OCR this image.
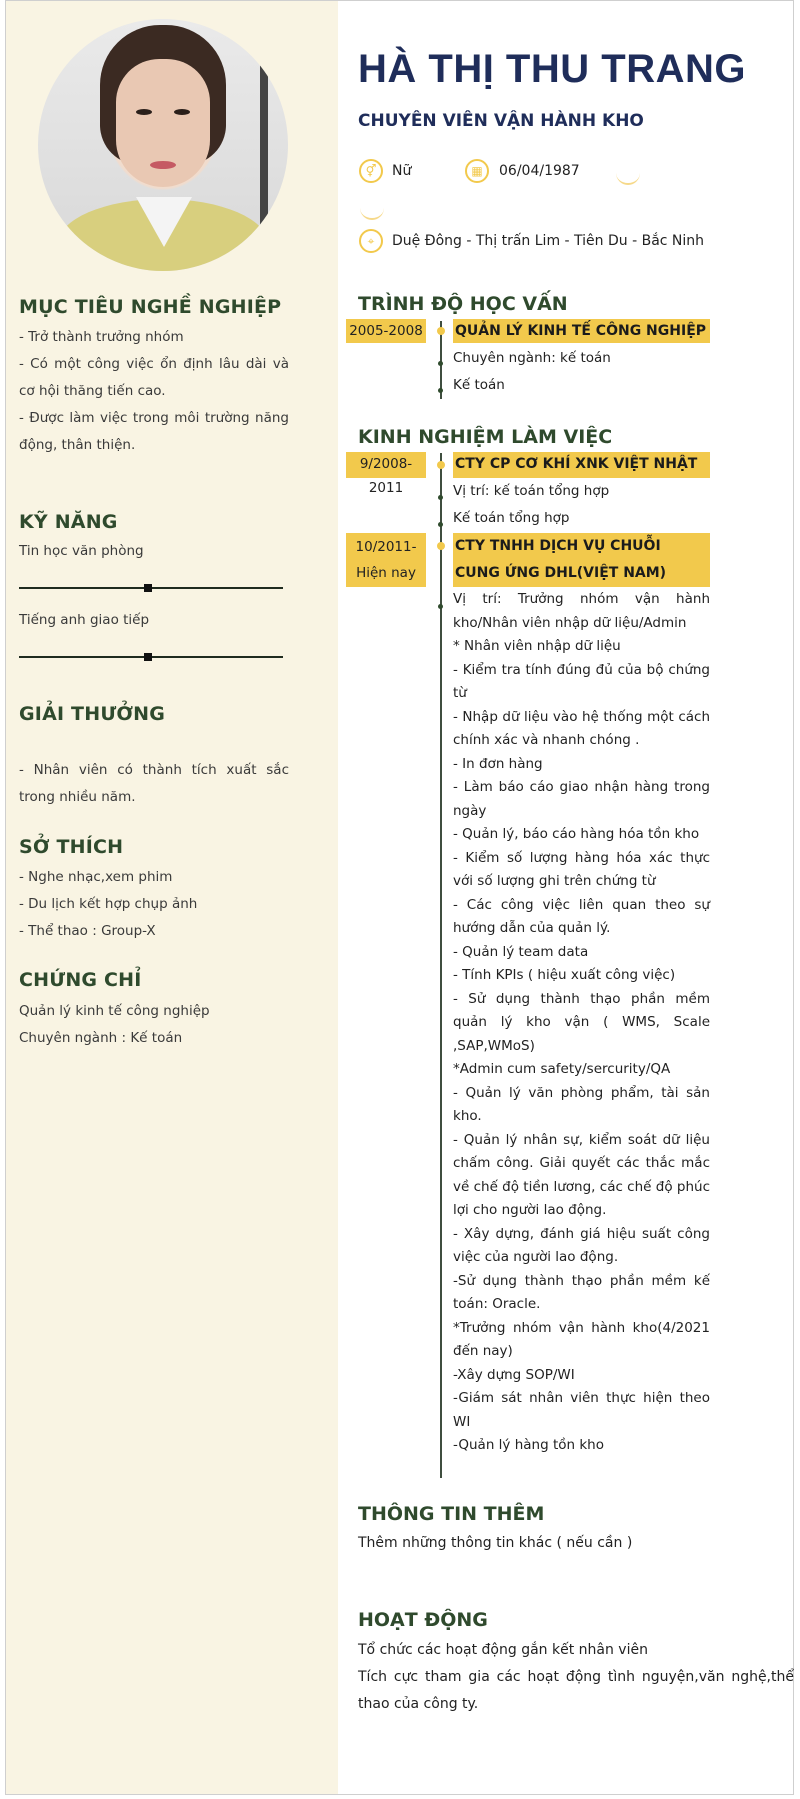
MỤC TIÊU NGHỀ NGHIỆP
- Trở thành trưởng nhóm
- Có một công việc ổn định lâu dài và cơ hội thăng tiến cao.
- Được làm việc trong môi trường năng động, thân thiện.
KỸ NĂNG
Tin học văn phòng
Tiếng anh giao tiếp
GIẢI THƯỞNG
- Nhân viên có thành tích xuất sắc trong nhiều năm.
SỞ THÍCH
- Nghe nhạc,xem phim
- Du lịch kết hợp chụp ảnh
- Thể thao : Group-X
CHỨNG CHỈ
Quản lý kinh tế công nghiệp
Chuyên ngành : Kế toán
HÀ THỊ THU TRANG
CHUYÊN VIÊN VẬN HÀNH KHO
⚥	Nữ	▦	06/04/1987
⌖	Duệ Đông - Thị trấn Lim - Tiên Du - Bắc Ninh
TRÌNH ĐỘ HỌC VẤN
2005-2008 QUẢN LÝ KINH TẾ CÔNG NGHIỆP
Chuyên ngành: kế toán
Kế toán
KINH NGHIỆM LÀM VIỆC
9/2008-2011
CTY CP CƠ KHÍ XNK VIỆT NHẬT
Vị trí: kế toán tổng hợp
Kế toán tổng hợp
10/2011- Hiện nay
CTY TNHH DỊCH VỤ CHUỖI CUNG ỨNG DHL(VIỆT NAM)
Vị trí: Trưởng nhóm vận hành kho/Nhân viên nhập dữ liệu/Admin
* Nhân viên nhập dữ liệu
- Kiểm tra tính đúng đủ của bộ chứng từ
- Nhập dữ liệu vào hệ thống một cách chính xác và nhanh chóng .
- In đơn hàng
- Làm báo cáo giao nhận hàng trong ngày
- Quản lý, báo cáo hàng hóa tồn kho
- Kiểm số lượng hàng hóa xác thực với số lượng ghi trên chứng từ
- Các công việc liên quan theo sự hướng dẫn của quản lý.
- Quản lý team data
- Tính KPIs ( hiệu xuất công việc)
- Sử dụng thành thạo phần mềm quản lý kho vận ( WMS, Scale ,SAP,WMoS)
*Admin cum safety/sercurity/QA
- Quản lý văn phòng phẩm, tài sản kho.
- Quản lý nhân sự, kiểm soát dữ liệu chấm công. Giải quyết các thắc mắc về chế độ tiền lương, các chế độ phúc lợi cho người lao động.
- Xây dựng, đánh giá hiệu suất công việc của người lao động.
-Sử dụng thành thạo phần mềm kế toán: Oracle.
*Trưởng nhóm vận hành kho(4/2021 đến nay)
-Xây dựng SOP/WI
-Giám sát nhân viên thực hiện theo WI
-Quản lý hàng tồn kho
THÔNG TIN THÊM
Thêm những thông tin khác ( nếu cần )
HOẠT ĐỘNG
Tổ chức các hoạt động gắn kết nhân viên
Tích cực tham gia các hoạt động tình nguyện,văn nghệ,thể thao của công ty.
